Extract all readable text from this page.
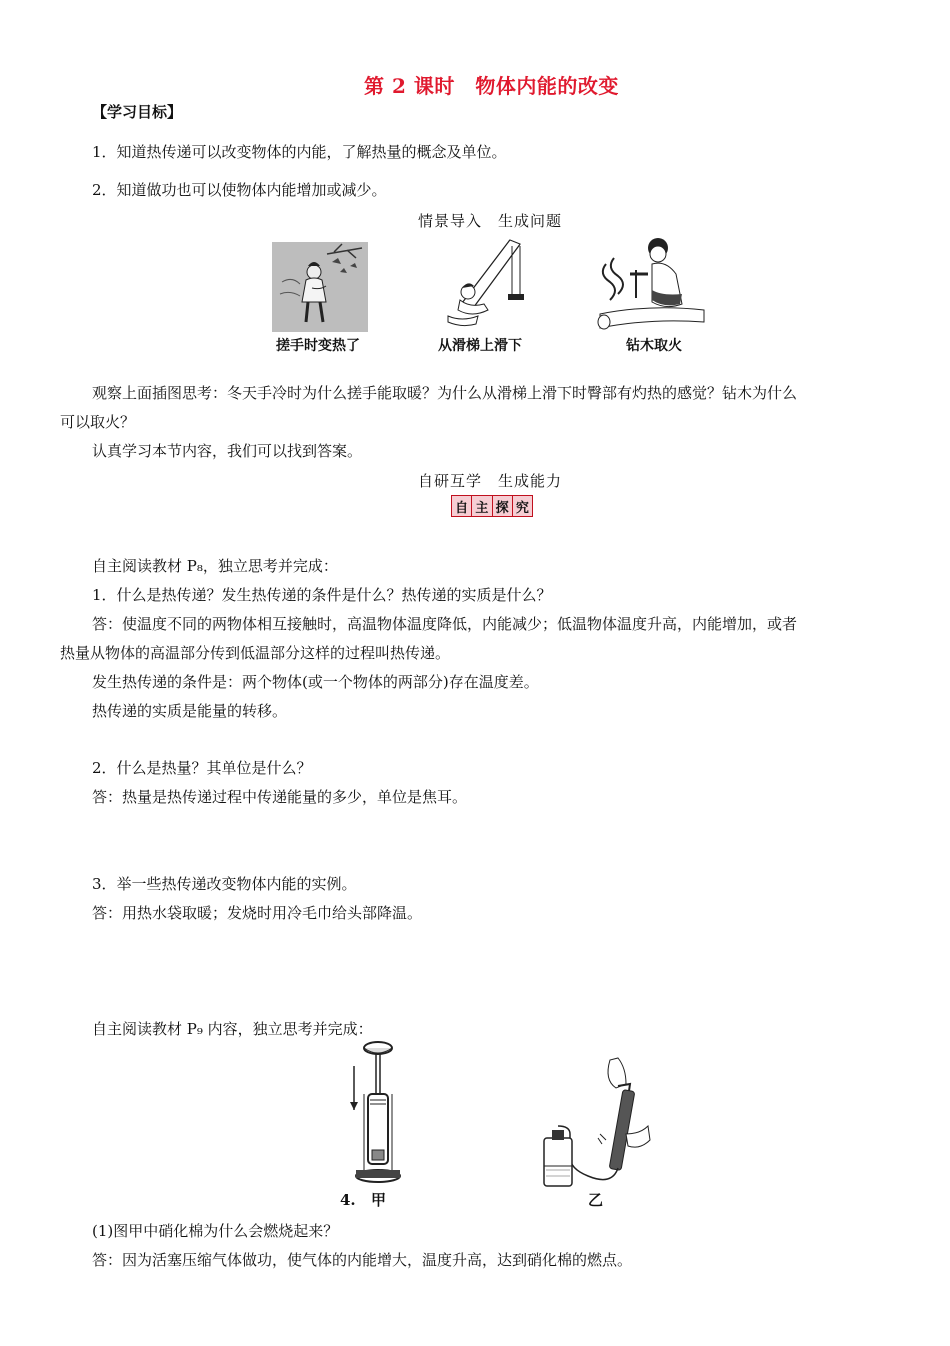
第 2 课时　物体内能的改变
【学习目标】
1．知道热传递可以改变物体的内能，了解热量的概念及单位。
2．知道做功也可以使物体内能增加或减少。
情景导入　生成问题
搓手时变热了	从滑梯上滑下	钻木取火
观察上面插图思考：冬天手冷时为什么搓手能取暖？为什么从滑梯上滑下时臀部有灼热的感觉？钻木为什么
可以取火？
认真学习本节内容，我们可以找到答案。
自研互学　生成能力
自 主 探 究
自主阅读教材 P₈，独立思考并完成：
1．什么是热传递？发生热传递的条件是什么？热传递的实质是什么？
答：使温度不同的两物体相互接触时，高温物体温度降低，内能减少；低温物体温度升高，内能增加，或者
热量从物体的高温部分传到低温部分这样的过程叫热传递。
发生热传递的条件是：两个物体(或一个物体的两部分)存在温度差。
热传递的实质是能量的转移。
2．什么是热量？其单位是什么？
答：热量是热传递过程中传递能量的多少，单位是焦耳。
3．举一些热传递改变物体内能的实例。
答：用热水袋取暖；发烧时用冷毛巾给头部降温。
自主阅读教材 P₉ 内容，独立思考并完成：
4. 甲	乙
(1)图甲中硝化棉为什么会燃烧起来？
答：因为活塞压缩气体做功，使气体的内能增大，温度升高，达到硝化棉的燃点。
